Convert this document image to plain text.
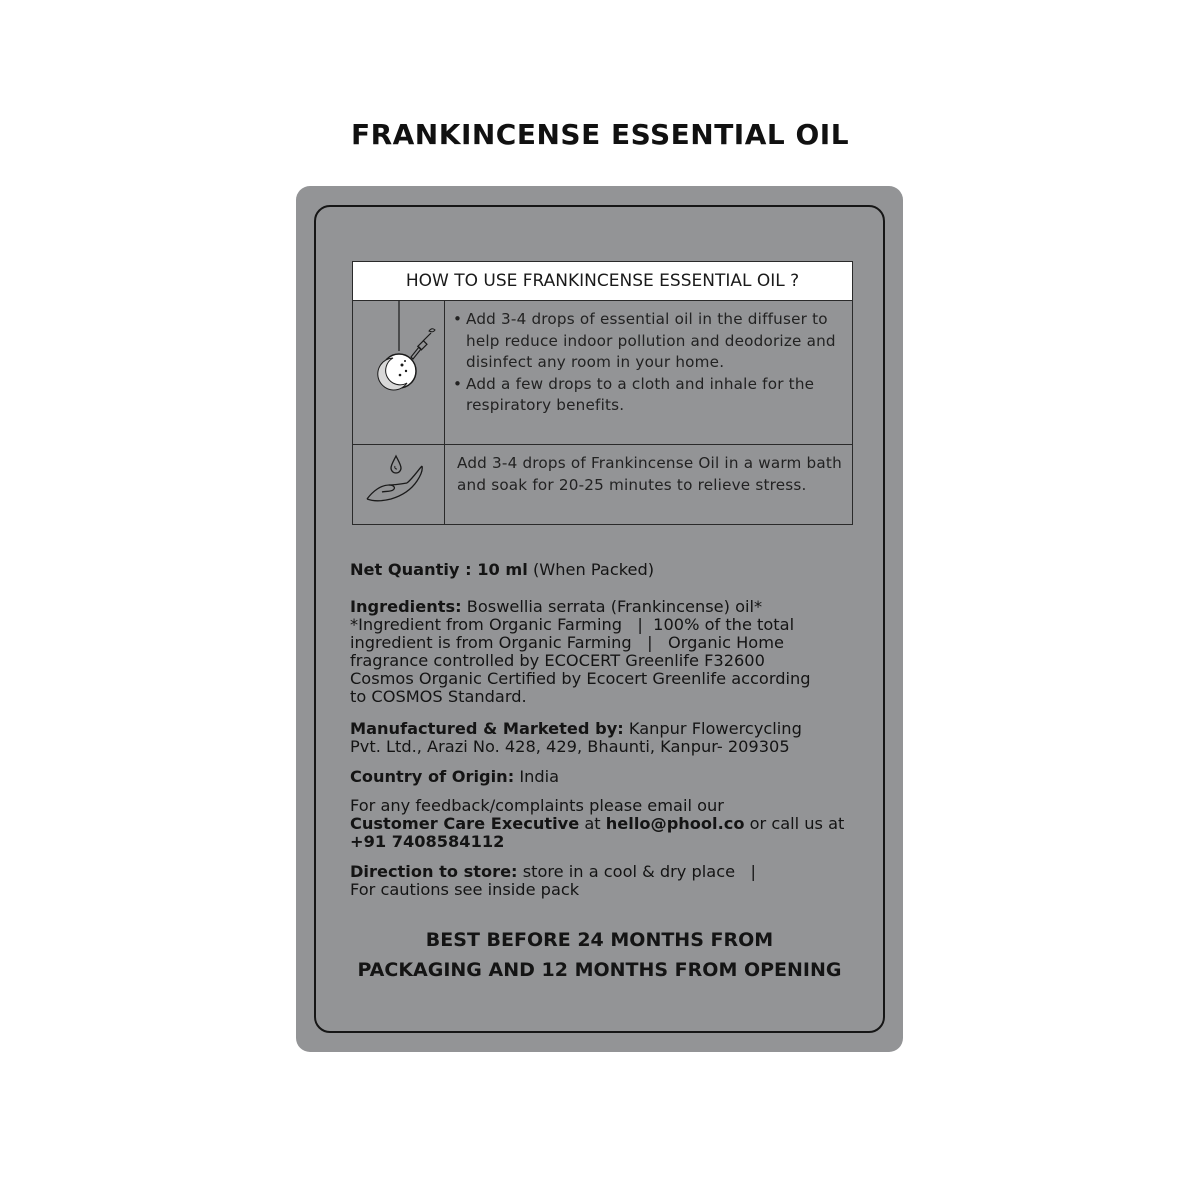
FRANKINCENSE ESSENTIAL OIL
HOW TO USE FRANKINCENSE ESSENTIAL OIL ?
• Add 3-4 drops of essential oil in the diffuser to help reduce indoor pollution and deodorize and disinfect any room in your home.
• Add a few drops to a cloth and inhale for the respiratory benefits.
Add 3-4 drops of Frankincense Oil in a warm bath and soak for 20-25 minutes to relieve stress.
Net Quantiy : 10 ml (When Packed)
Ingredients: Boswellia serrata (Frankincense) oil*
*Ingredient from Organic Farming   |  100% of the total
ingredient is from Organic Farming   |   Organic Home
fragrance controlled by ECOCERT Greenlife F32600
Cosmos Organic Certified by Ecocert Greenlife according
to COSMOS Standard.
Manufactured & Marketed by: Kanpur Flowercycling
Pvt. Ltd., Arazi No. 428, 429, Bhaunti, Kanpur- 209305
Country of Origin: India
For any feedback/complaints please email our
Customer Care Executive at hello@phool.co or call us at
+91 7408584112
Direction to store: store in a cool & dry place   |
For cautions see inside pack
BEST BEFORE 24 MONTHS FROM
PACKAGING AND 12 MONTHS FROM OPENING
